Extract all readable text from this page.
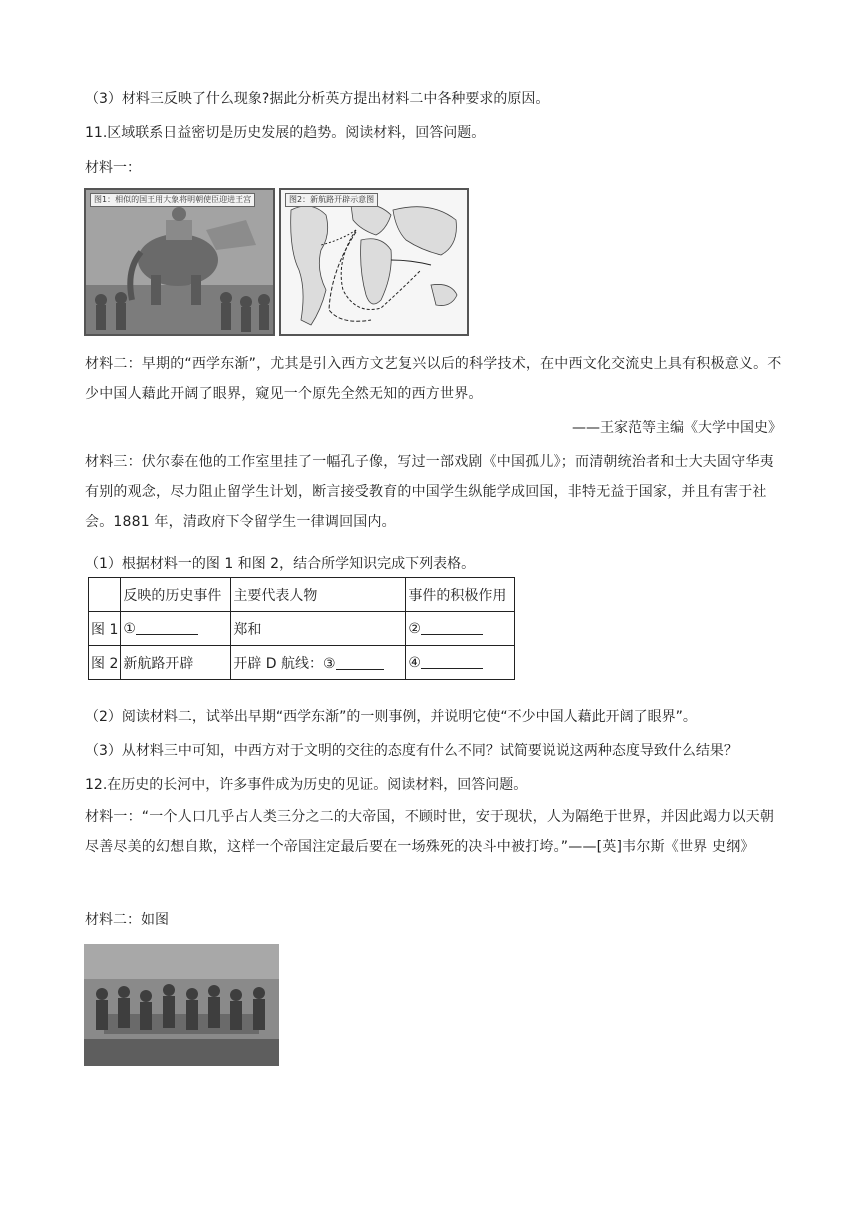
（3）材料三反映了什么现象?据此分析英方提出材料二中各种要求的原因。
11.区域联系日益密切是历史发展的趋势。阅读材料，回答问题。
材料一：
图1：相似的国王用大象将明朝使臣迎进王宫	图2：新航路开辟示意图
材料二：早期的“西学东渐”，尤其是引入西方文艺复兴以后的科学技术，在中西文化交流史上具有积极意义。不少中国人藉此开阔了眼界，窥见一个原先全然无知的西方世界。
——王家范等主编《大学中国史》
材料三：伏尔泰在他的工作室里挂了一幅孔子像，写过一部戏剧《中国孤儿》；而清朝统治者和士大夫固守华夷有别的观念，尽力阻止留学生计划，断言接受教育的中国学生纵能学成回国，非特无益于国家，并且有害于社会。1881 年，清政府下令留学生一律调回国内。
（1）根据材料一的图 1 和图 2，结合所学知识完成下列表格。
	反映的历史事件	主要代表人物	事件的积极作用
图 1	①	郑和	②
图 2	新航路开辟	开辟 D 航线：③	④
（2）阅读材料二，试举出早期“西学东渐”的一则事例，并说明它使“不少中国人藉此开阔了眼界”。
（3）从材料三中可知，中西方对于文明的交往的态度有什么不同？试简要说说这两种态度导致什么结果？
12.在历史的长河中，许多事件成为历史的见证。阅读材料，回答问题。
材料一：“一个人口几乎占人类三分之二的大帝国，不顾时世，安于现状，人为隔绝于世界，并因此竭力以天朝尽善尽美的幻想自欺，这样一个帝国注定最后要在一场殊死的决斗中被打垮。”——[英]韦尔斯《世界 史纲》
材料二：如图
